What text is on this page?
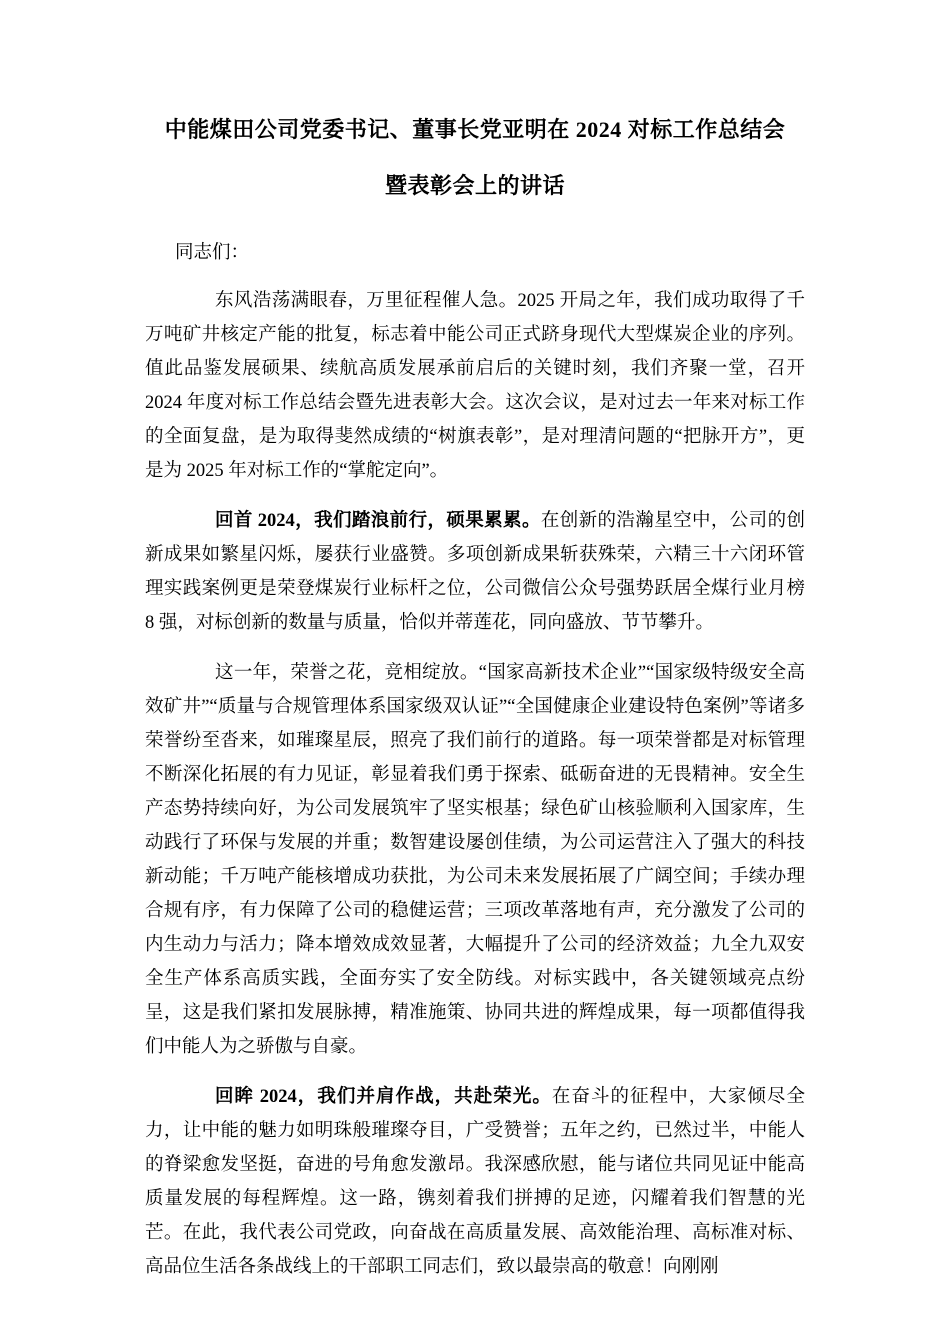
中能煤田公司党委书记、董事长党亚明在 2024 对标工作总结会
暨表彰会上的讲话

同志们：

东风浩荡满眼春，万里征程催人急。2025 开局之年，我们成功取得了千万吨矿井核定产能的批复，标志着中能公司正式跻身现代大型煤炭企业的序列。值此品鉴发展硕果、续航高质发展承前启后的关键时刻，我们齐聚一堂，召开 2024 年度对标工作总结会暨先进表彰大会。这次会议，是对过去一年来对标工作的全面复盘，是为取得斐然成绩的“树旗表彰”，是对理清问题的“把脉开方”，更是为 2025 年对标工作的“掌舵定向”。

回首 2024，我们踏浪前行，硕果累累。在创新的浩瀚星空中，公司的创新成果如繁星闪烁，屡获行业盛赞。多项创新成果斩获殊荣，六精三十六闭环管理实践案例更是荣登煤炭行业标杆之位，公司微信公众号强势跃居全煤行业月榜 8 强，对标创新的数量与质量，恰似并蒂莲花，同向盛放、节节攀升。

这一年，荣誉之花，竞相绽放。“国家高新技术企业”“国家级特级安全高效矿井”“质量与合规管理体系国家级双认证”“全国健康企业建设特色案例”等诸多荣誉纷至沓来，如璀璨星辰，照亮了我们前行的道路。每一项荣誉都是对标管理不断深化拓展的有力见证，彰显着我们勇于探索、砥砺奋进的无畏精神。安全生产态势持续向好，为公司发展筑牢了坚实根基；绿色矿山核验顺利入国家库，生动践行了环保与发展的并重；数智建设屡创佳绩，为公司运营注入了强大的科技新动能；千万吨产能核增成功获批，为公司未来发展拓展了广阔空间；手续办理合规有序，有力保障了公司的稳健运营；三项改革落地有声，充分激发了公司的内生动力与活力；降本增效成效显著，大幅提升了公司的经济效益；九全九双安全生产体系高质实践，全面夯实了安全防线。对标实践中，各关键领域亮点纷呈，这是我们紧扣发展脉搏，精准施策、协同共进的辉煌成果，每一项都值得我们中能人为之骄傲与自豪。

回眸 2024，我们并肩作战，共赴荣光。在奋斗的征程中，大家倾尽全力，让中能的魅力如明珠般璀璨夺目，广受赞誉；五年之约，已然过半，中能人的脊梁愈发坚挺，奋进的号角愈发激昂。我深感欣慰，能与诸位共同见证中能高质量发展的每程辉煌。这一路，镌刻着我们拼搏的足迹，闪耀着我们智慧的光芒。在此，我代表公司党政，向奋战在高质量发展、高效能治理、高标准对标、高品位生活各条战线上的干部职工同志们，致以最崇高的敬意！向刚刚
